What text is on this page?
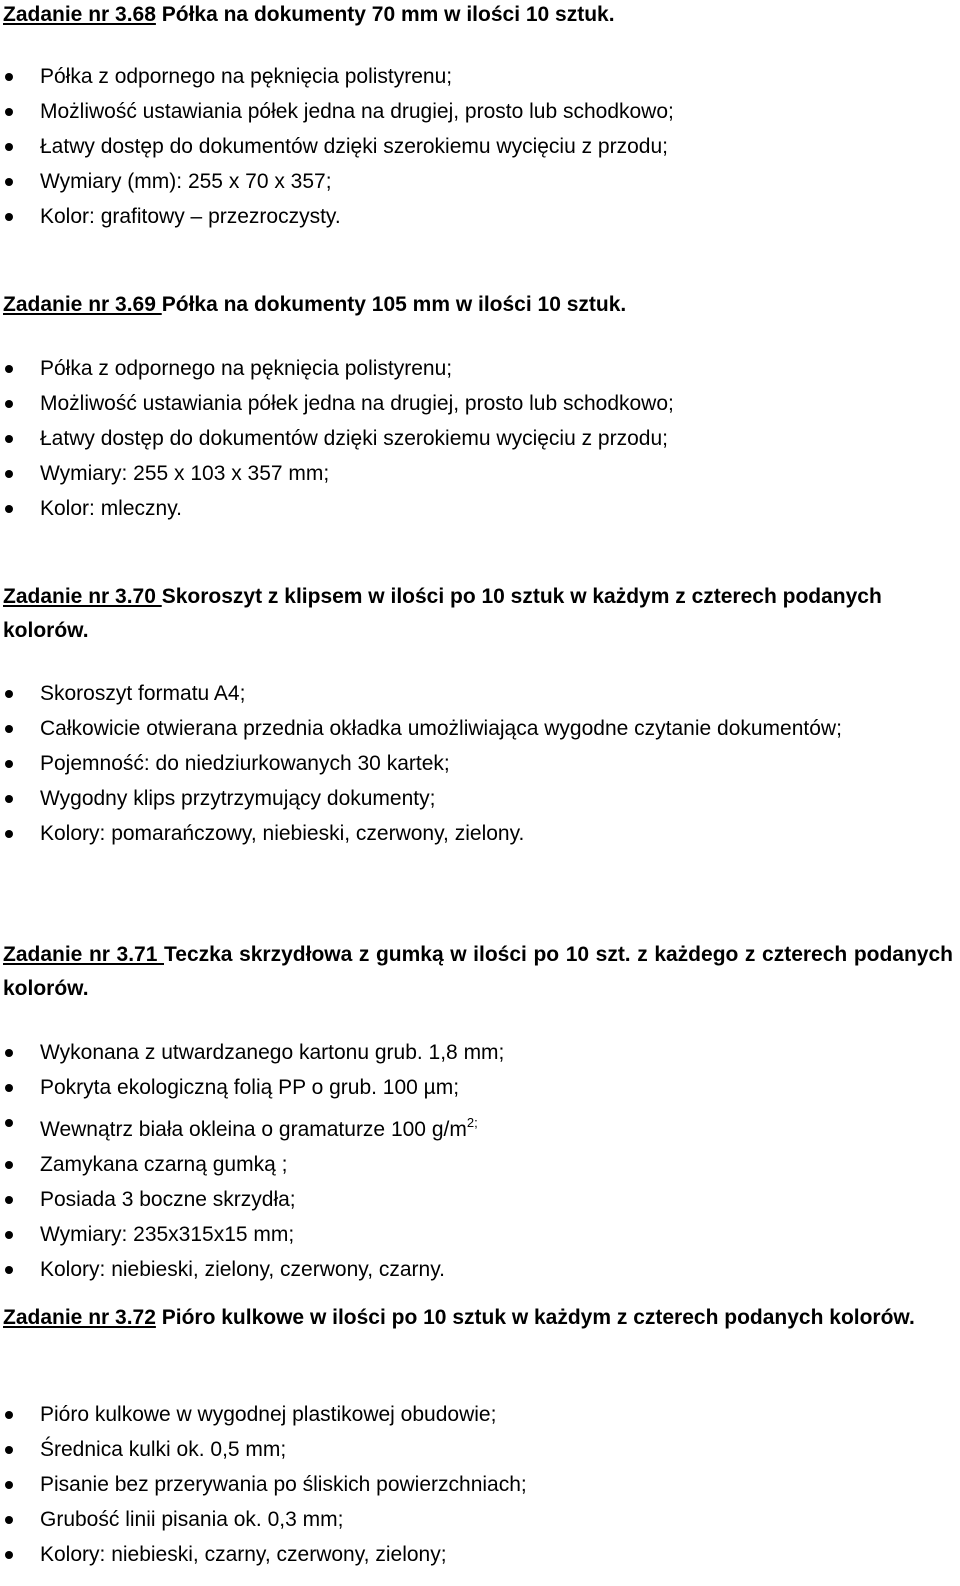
Zadanie nr 3.68 Półka na dokumenty 70 mm w ilości 10 sztuk.
Półka z odpornego na pęknięcia polistyrenu;
Możliwość ustawiania półek jedna na drugiej, prosto lub schodkowo;
Łatwy dostęp do dokumentów dzięki szerokiemu wycięciu z przodu;
Wymiary (mm): 255 x 70 x 357;
Kolor: grafitowy – przezroczysty.
Zadanie nr 3.69 Półka na dokumenty 105 mm w ilości 10 sztuk.
Półka z odpornego na pęknięcia polistyrenu;
Możliwość ustawiania półek jedna na drugiej, prosto lub schodkowo;
Łatwy dostęp do dokumentów dzięki szerokiemu wycięciu z przodu;
Wymiary: 255 x 103 x 357 mm;
Kolor: mleczny.
Zadanie nr 3.70 Skoroszyt z klipsem w ilości po 10 sztuk w każdym z czterech podanych kolorów.
Skoroszyt formatu A4;
Całkowicie otwierana przednia okładka umożliwiająca wygodne czytanie dokumentów;
Pojemność: do niedziurkowanych 30 kartek;
Wygodny klips przytrzymujący dokumenty;
Kolory: pomarańczowy, niebieski, czerwony, zielony.
Zadanie nr 3.71 Teczka skrzydłowa z gumką w ilości po 10 szt. z każdego z czterech podanych kolorów.
Wykonana z utwardzanego kartonu grub. 1,8 mm;
Pokryta ekologiczną folią PP o grub. 100 µm;
Wewnątrz biała okleina o gramaturze 100 $g/m^{2;}$
Zamykana czarną gumką ;
Posiada 3 boczne skrzydła;
Wymiary: 235x315x15 mm;
Kolory: niebieski, zielony, czerwony, czarny.
Zadanie nr 3.72 Pióro kulkowe w ilości po 10 sztuk w każdym z czterech podanych kolorów.
Pióro kulkowe w wygodnej plastikowej obudowie;
Średnica kulki ok. 0,5 mm;
Pisanie bez przerywania po śliskich powierzchniach;
Grubość linii pisania ok. 0,3 mm;
Kolory: niebieski, czarny, czerwony, zielony;
